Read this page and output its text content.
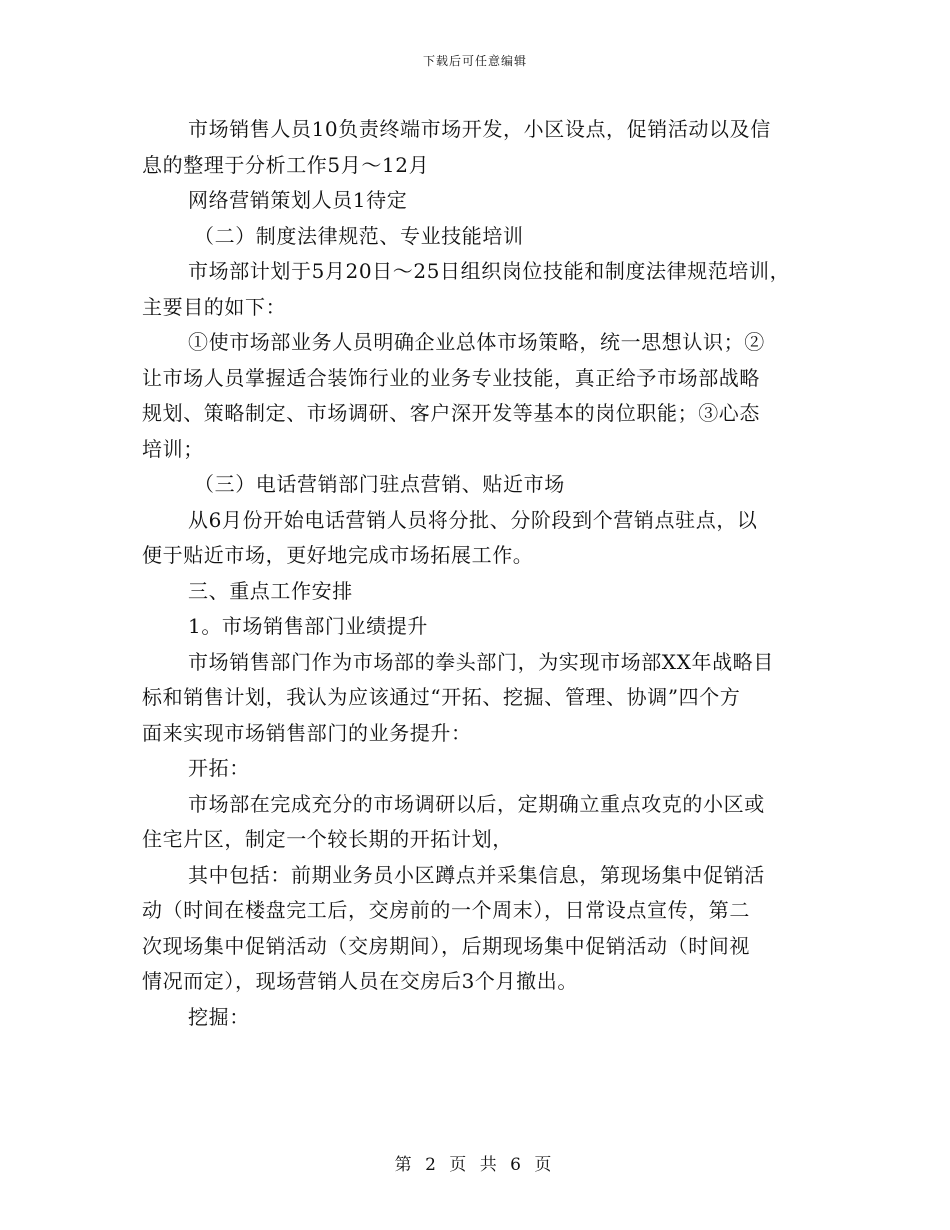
下载后可任意编辑
市场销售人员10负责终端市场开发，小区设点，促销活动以及信
息的整理于分析工作5月～12月
网络营销策划人员1待定
（二）制度法律规范、专业技能培训
市场部计划于5月20日～25日组织岗位技能和制度法律规范培训，
主要目的如下：
①使市场部业务人员明确企业总体市场策略，统一思想认识；②
让市场人员掌握适合装饰行业的业务专业技能，真正给予市场部战略
规划、策略制定、市场调研、客户深开发等基本的岗位职能；③心态
培训；
（三）电话营销部门驻点营销、贴近市场
从6月份开始电话营销人员将分批、分阶段到个营销点驻点，以
便于贴近市场，更好地完成市场拓展工作。
三、重点工作安排
1。市场销售部门业绩提升
市场销售部门作为市场部的拳头部门，为实现市场部XX年战略目
标和销售计划，我认为应该通过“开拓、挖掘、管理、协调”四个方
面来实现市场销售部门的业务提升：
开拓：
市场部在完成充分的市场调研以后，定期确立重点攻克的小区或
住宅片区，制定一个较长期的开拓计划，
其中包括：前期业务员小区蹲点并采集信息，第现场集中促销活
动（时间在楼盘完工后，交房前的一个周末），日常设点宣传，第二
次现场集中促销活动（交房期间），后期现场集中促销活动（时间视
情况而定），现场营销人员在交房后3个月撤出。
挖掘：
第 2 页 共 6 页
